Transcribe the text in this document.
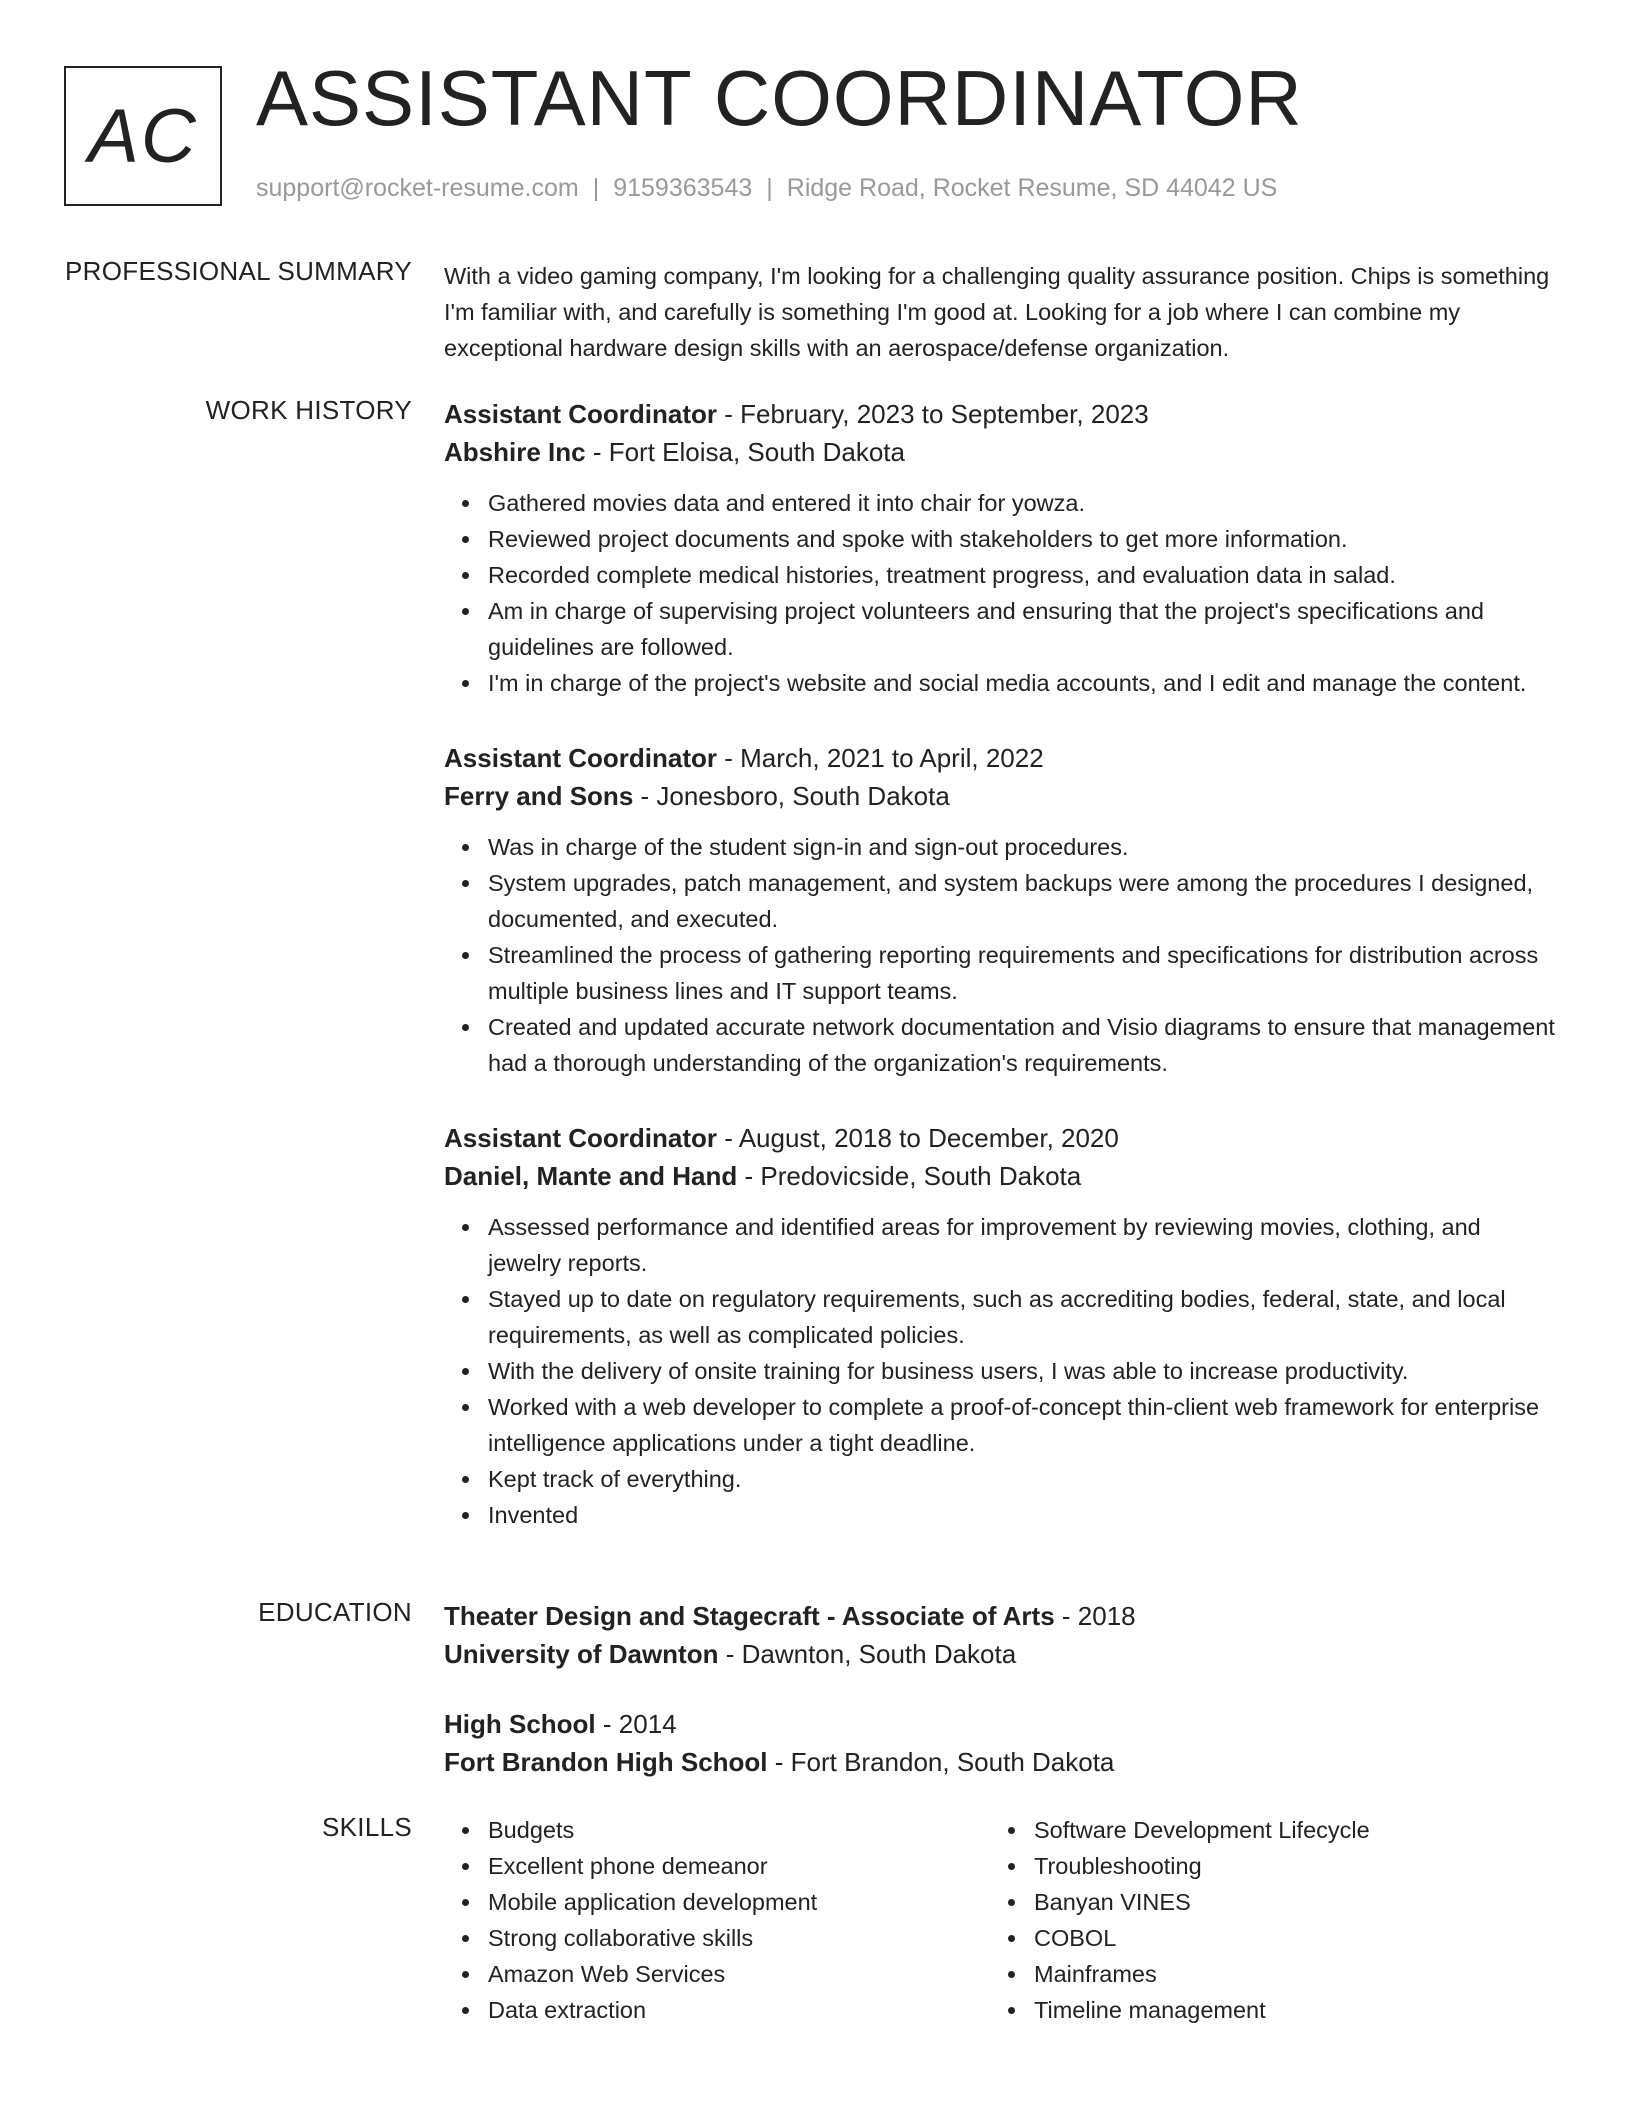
AC ASSISTANT COORDINATOR
support@rocket-resume.com | 9159363543 | Ridge Road, Rocket Resume, SD 44042 US
PROFESSIONAL SUMMARY With a video gaming company, I'm looking for a challenging quality assurance position. Chips is something I'm familiar with, and carefully is something I'm good at. Looking for a job where I can combine my exceptional hardware design skills with an aerospace/defense organization.

WORK HISTORY Assistant Coordinator - February, 2023 to September, 2023
Abshire Inc - Fort Eloisa, South Dakota
Gathered movies data and entered it into chair for yowza.
Reviewed project documents and spoke with stakeholders to get more information.
Recorded complete medical histories, treatment progress, and evaluation data in salad.
Am in charge of supervising project volunteers and ensuring that the project's specifications and guidelines are followed.
I'm in charge of the project's website and social media accounts, and I edit and manage the content.
Assistant Coordinator - March, 2021 to April, 2022
Ferry and Sons - Jonesboro, South Dakota
Was in charge of the student sign-in and sign-out procedures.
System upgrades, patch management, and system backups were among the procedures I designed, documented, and executed.
Streamlined the process of gathering reporting requirements and specifications for distribution across multiple business lines and IT support teams.
Created and updated accurate network documentation and Visio diagrams to ensure that management had a thorough understanding of the organization's requirements.
Assistant Coordinator - August, 2018 to December, 2020
Daniel, Mante and Hand - Predovicside, South Dakota
Assessed performance and identified areas for improvement by reviewing movies, clothing, and jewelry reports.
Stayed up to date on regulatory requirements, such as accrediting bodies, federal, state, and local requirements, as well as complicated policies.
With the delivery of onsite training for business users, I was able to increase productivity.
Worked with a web developer to complete a proof-of-concept thin-client web framework for enterprise intelligence applications under a tight deadline.
Kept track of everything.
Invented
EDUCATION Theater Design and Stagecraft - Associate of Arts - 2018
University of Dawnton - Dawnton, South Dakota
High School - 2014
Fort Brandon High School - Fort Brandon, South Dakota
SKILLS	Budgets
Excellent phone demeanor
Mobile application development
Strong collaborative skills
Amazon Web Services
Data extraction
Software Development Lifecycle
Troubleshooting
Banyan VINES
COBOL
Mainframes
Timeline management
